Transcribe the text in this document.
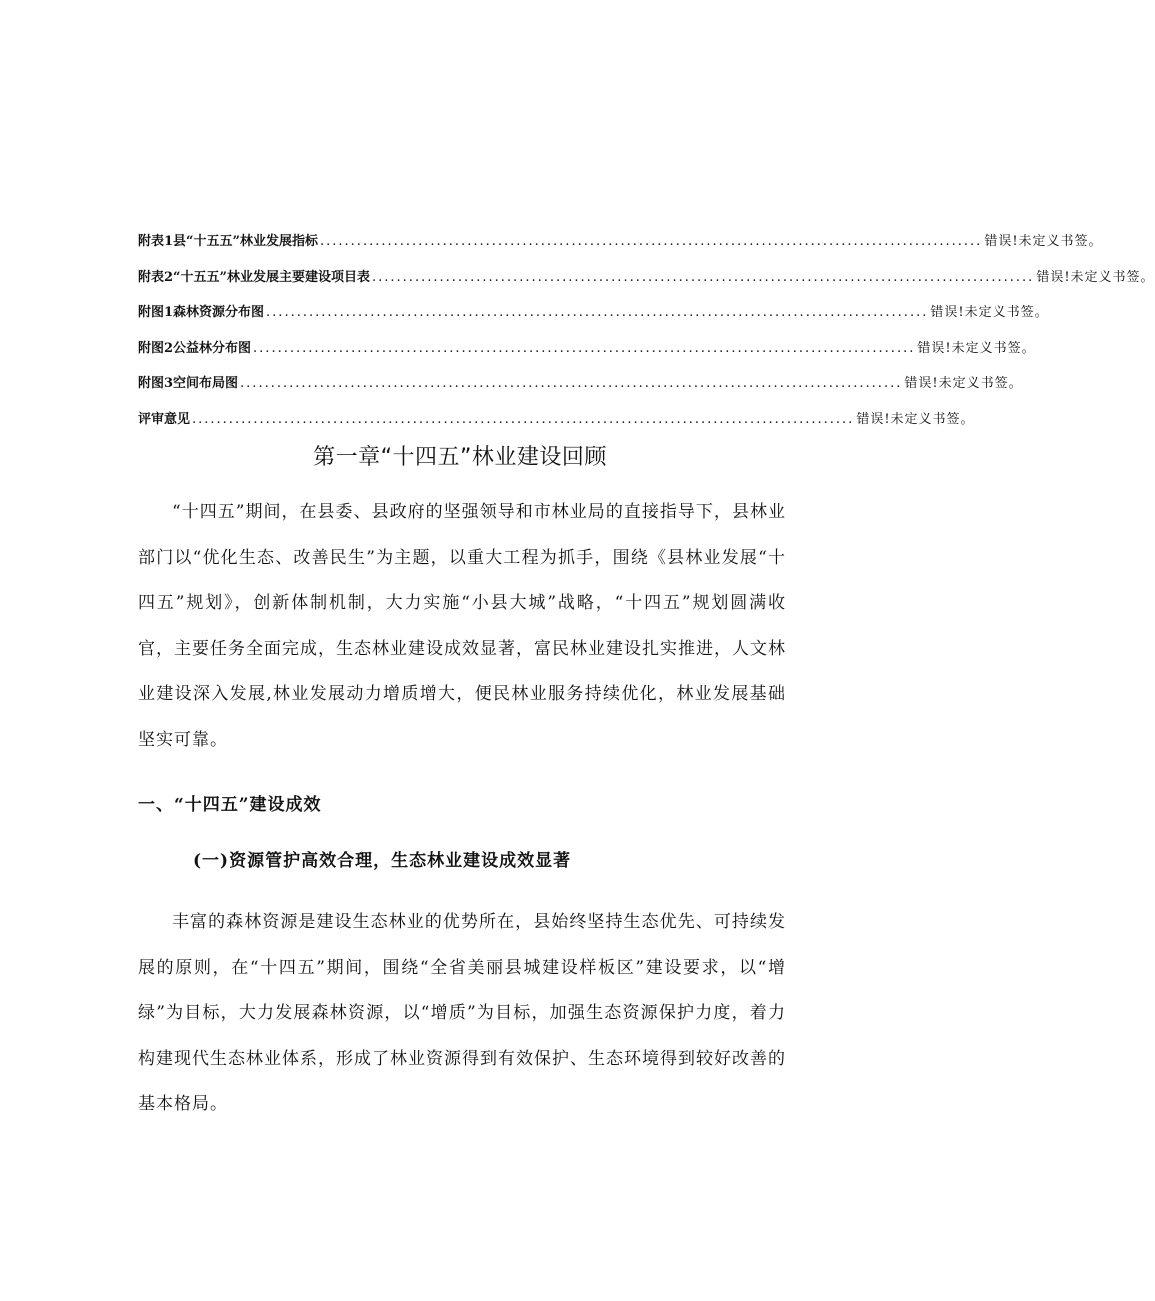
附表1县“十五五”林业发展指标 ............................................................................................................ 错误!未定义书签。
附表2“十五五”林业发展主要建设项目表 ............................................................................................................ 错误!未定义书签。
附图1森林资源分布图 ............................................................................................................ 错误!未定义书签。
附图2公益林分布图 ............................................................................................................ 错误!未定义书签。
附图3空间布局图 ............................................................................................................ 错误!未定义书签。
评审意见 ............................................................................................................ 错误!未定义书签。
第一章“十四五”林业建设回顾

“十四五”期间，在县委、县政府的坚强领导和市林业局的直接指导下，县林业部门以“优化生态、改善民生”为主题，以重大工程为抓手，围绕《县林业发展“十四五”规划》，创新体制机制，大力实施“小县大城”战略，“十四五”规划圆满收官，主要任务全面完成，生态林业建设成效显著，富民林业建设扎实推进，人文林业建设深入发展,林业发展动力增质增大，便民林业服务持续优化，林业发展基础坚实可靠。

一、“十四五”建设成效
(一)资源管护高效合理，生态林业建设成效显著

丰富的森林资源是建设生态林业的优势所在，县始终坚持生态优先、可持续发展的原则，在“十四五”期间，围绕“全省美丽县城建设样板区”建设要求，以“增绿”为目标，大力发展森林资源，以“增质”为目标，加强生态资源保护力度，着力构建现代生态林业体系，形成了林业资源得到有效保护、生态环境得到较好改善的基本格局。
